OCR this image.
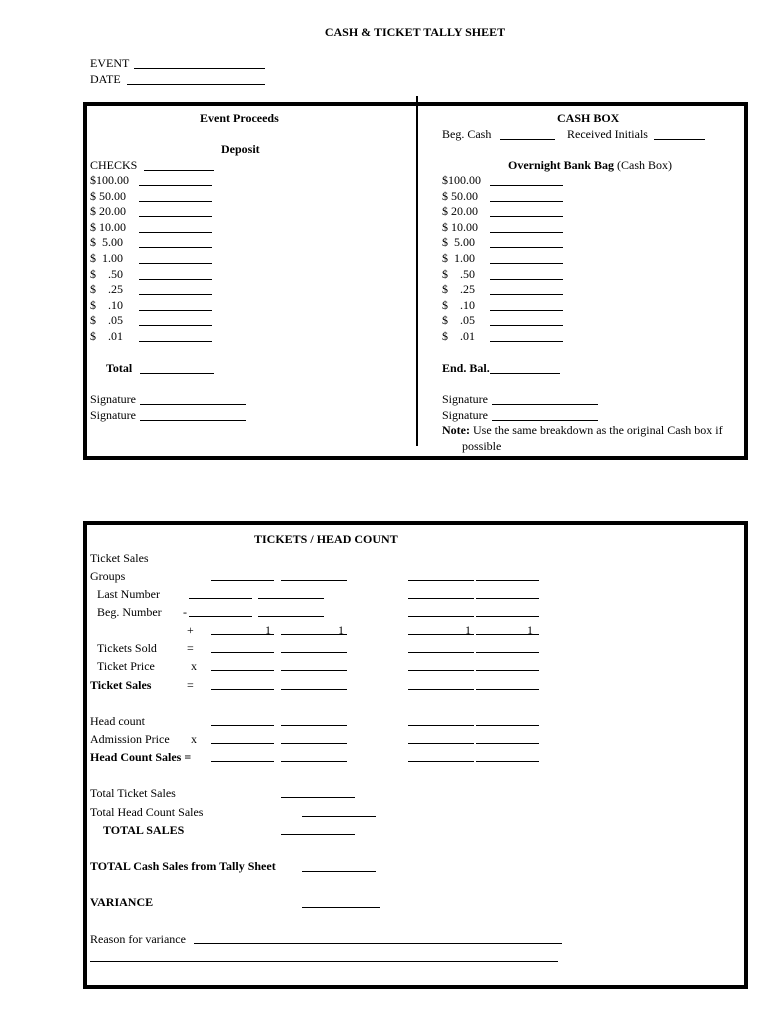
CASH & TICKET TALLY SHEET
EVENT
DATE
Event Proceeds
Deposit
CHECKS
$100.00
$ 50.00
$ 20.00
$ 10.00
$  5.00
$  1.00
$    .50
$    .25
$    .10
$    .05
$    .01
Total
Signature
Signature
CASH BOX
Beg. Cash	Received Initials
Overnight Bank Bag (Cash Box)
$100.00
$ 50.00
$ 20.00
$ 10.00
$  5.00
$  1.00
$    .50
$    .25
$    .10
$    .05
$    .01
End. Bal.
Signature
Signature
Note: Use the same breakdown as the original Cash box if
possible
TICKETS / HEAD COUNT
Ticket Sales
Groups
Last Number
Beg. Number -
+	1	1	1	1
Tickets Sold	=
Ticket Price	x
Ticket Sales	=
Head count
Admission Price x
Head Count Sales =
Total Ticket Sales
Total Head Count Sales
TOTAL SALES
TOTAL Cash Sales from Tally Sheet
VARIANCE
Reason for variance
